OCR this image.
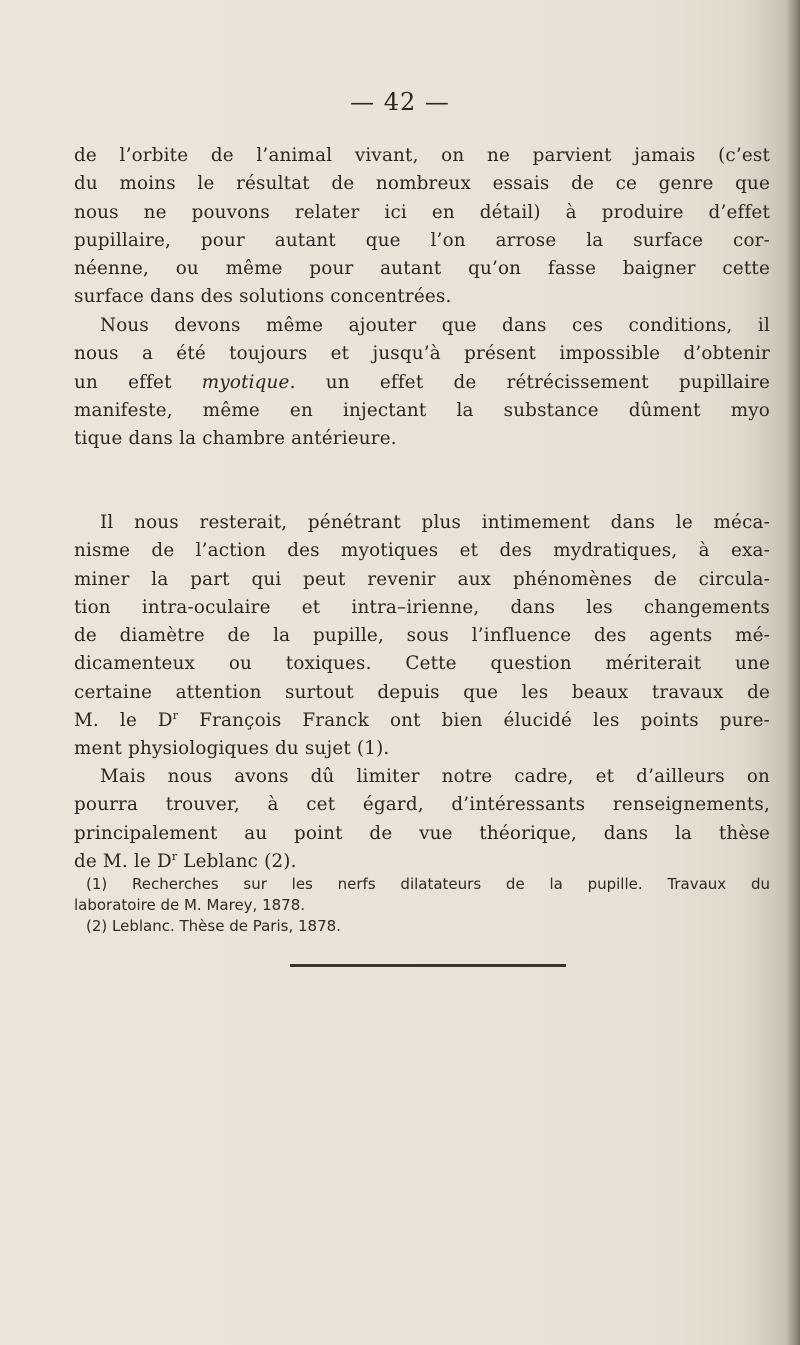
— 42 —
de l’orbite de l’animal vivant, on ne parvient jamais (c’est
du moins le résultat de nombreux essais de ce genre que
nous ne pouvons relater ici en détail) à produire d’effet
pupillaire, pour autant que l’on arrose la surface cor-
néenne, ou même pour autant qu’on fasse baigner cette
surface dans des solutions concentrées.
Nous devons même ajouter que dans ces conditions, il
nous a été toujours et jusqu’à présent impossible d’obtenir
un effet myotique. un effet de rétrécissement pupillaire
manifeste, même en injectant la substance dûment myo
tique dans la chambre antérieure.
Il nous resterait, pénétrant plus intimement dans le méca-
nisme de l’action des myotiques et des mydratiques, à exa-
miner la part qui peut revenir aux phénomènes de circula-
tion intra-oculaire et intra–irienne, dans les changements
de diamètre de la pupille, sous l’influence des agents mé-
dicamenteux ou toxiques. Cette question mériterait une
certaine attention surtout depuis que les beaux travaux de
M. le $D^r$ François Franck ont bien élucidé les points pure-
ment physiologiques du sujet (1).
Mais nous avons dû limiter notre cadre, et d’ailleurs on
pourra trouver, à cet égard, d’intéressants renseignements,
principalement au point de vue théorique, dans la thèse
de M. le $D^r$ Leblanc (2).
(1) Recherches sur les nerfs dilatateurs de la pupille. Travaux du
laboratoire de M. Marey, 1878.
(2) Leblanc. Thèse de Paris, 1878.
